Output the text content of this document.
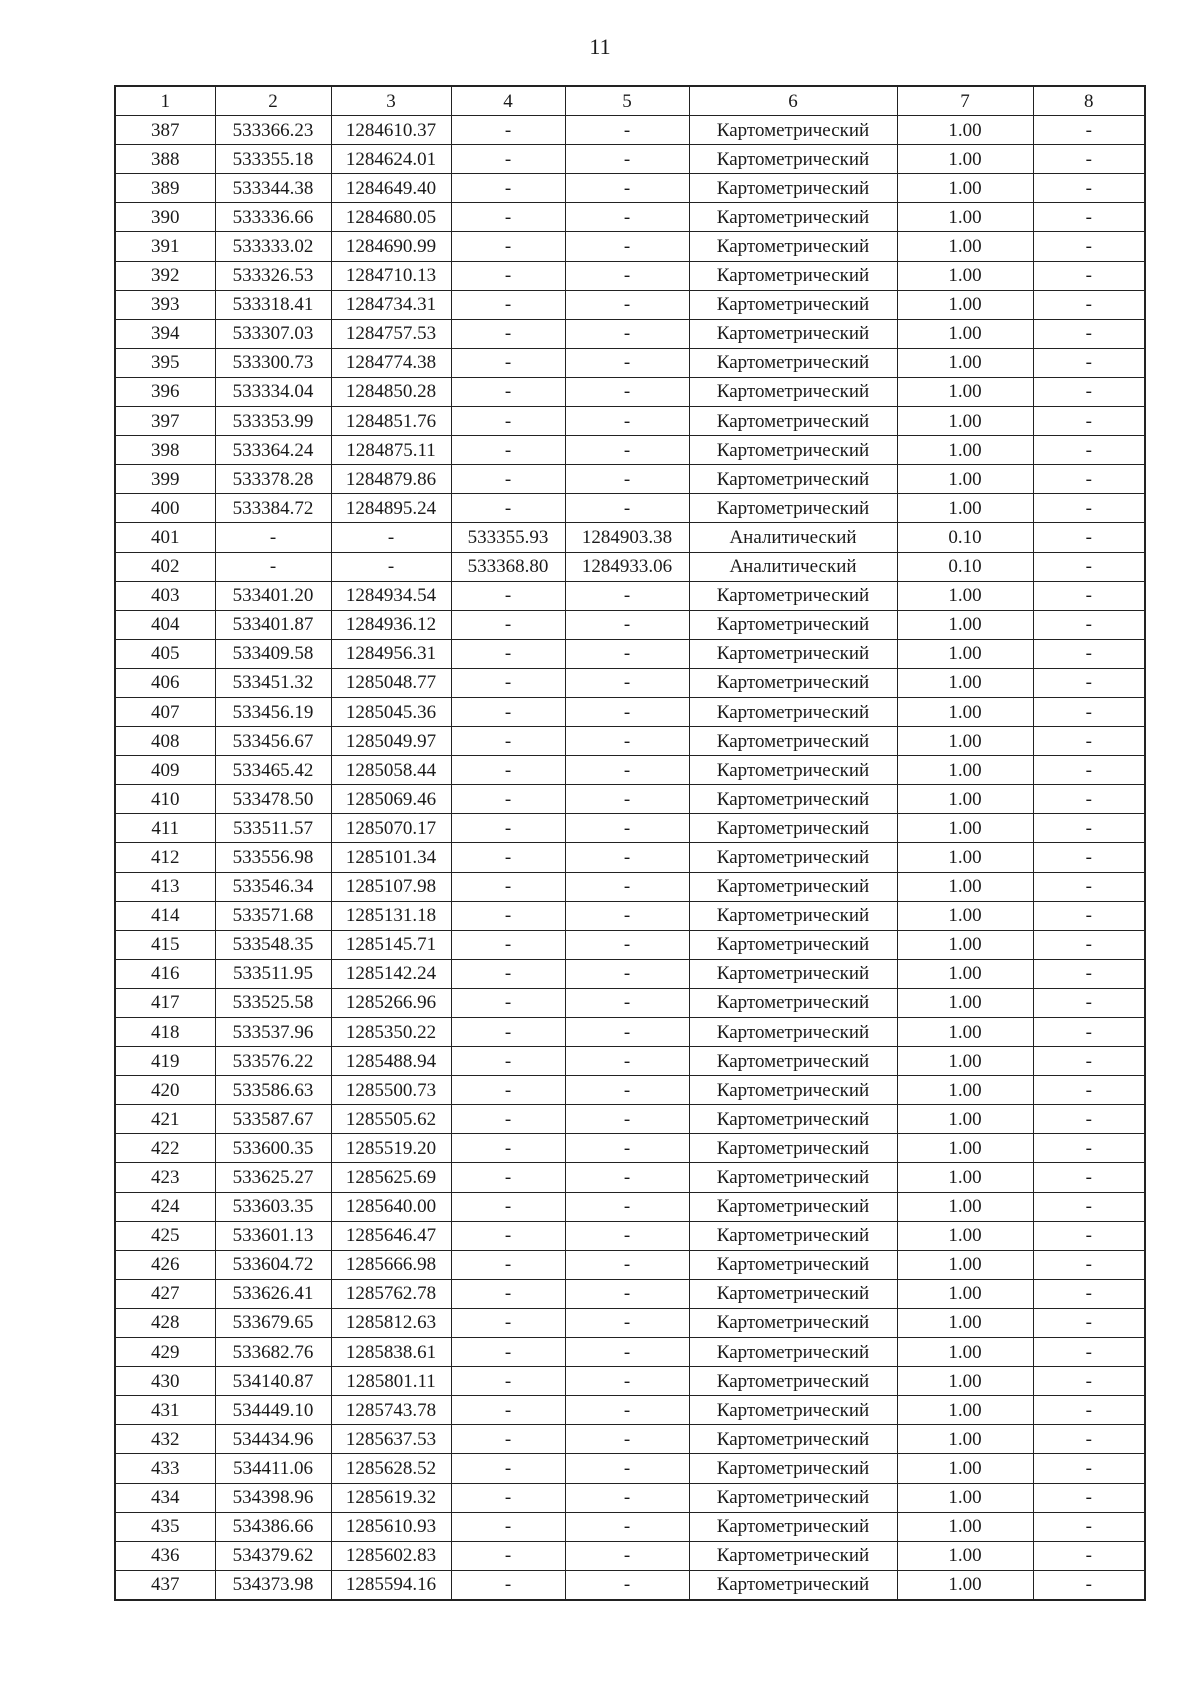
11
1	2	3	4	5	6	7	8
387	533366.23	1284610.37	-	-	Картометрический	1.00	-
388	533355.18	1284624.01	-	-	Картометрический	1.00	-
389	533344.38	1284649.40	-	-	Картометрический	1.00	-
390	533336.66	1284680.05	-	-	Картометрический	1.00	-
391	533333.02	1284690.99	-	-	Картометрический	1.00	-
392	533326.53	1284710.13	-	-	Картометрический	1.00	-
393	533318.41	1284734.31	-	-	Картометрический	1.00	-
394	533307.03	1284757.53	-	-	Картометрический	1.00	-
395	533300.73	1284774.38	-	-	Картометрический	1.00	-
396	533334.04	1284850.28	-	-	Картометрический	1.00	-
397	533353.99	1284851.76	-	-	Картометрический	1.00	-
398	533364.24	1284875.11	-	-	Картометрический	1.00	-
399	533378.28	1284879.86	-	-	Картометрический	1.00	-
400	533384.72	1284895.24	-	-	Картометрический	1.00	-
401	-	-	533355.93	1284903.38	Аналитический	0.10	-
402	-	-	533368.80	1284933.06	Аналитический	0.10	-
403	533401.20	1284934.54	-	-	Картометрический	1.00	-
404	533401.87	1284936.12	-	-	Картометрический	1.00	-
405	533409.58	1284956.31	-	-	Картометрический	1.00	-
406	533451.32	1285048.77	-	-	Картометрический	1.00	-
407	533456.19	1285045.36	-	-	Картометрический	1.00	-
408	533456.67	1285049.97	-	-	Картометрический	1.00	-
409	533465.42	1285058.44	-	-	Картометрический	1.00	-
410	533478.50	1285069.46	-	-	Картометрический	1.00	-
411	533511.57	1285070.17	-	-	Картометрический	1.00	-
412	533556.98	1285101.34	-	-	Картометрический	1.00	-
413	533546.34	1285107.98	-	-	Картометрический	1.00	-
414	533571.68	1285131.18	-	-	Картометрический	1.00	-
415	533548.35	1285145.71	-	-	Картометрический	1.00	-
416	533511.95	1285142.24	-	-	Картометрический	1.00	-
417	533525.58	1285266.96	-	-	Картометрический	1.00	-
418	533537.96	1285350.22	-	-	Картометрический	1.00	-
419	533576.22	1285488.94	-	-	Картометрический	1.00	-
420	533586.63	1285500.73	-	-	Картометрический	1.00	-
421	533587.67	1285505.62	-	-	Картометрический	1.00	-
422	533600.35	1285519.20	-	-	Картометрический	1.00	-
423	533625.27	1285625.69	-	-	Картометрический	1.00	-
424	533603.35	1285640.00	-	-	Картометрический	1.00	-
425	533601.13	1285646.47	-	-	Картометрический	1.00	-
426	533604.72	1285666.98	-	-	Картометрический	1.00	-
427	533626.41	1285762.78	-	-	Картометрический	1.00	-
428	533679.65	1285812.63	-	-	Картометрический	1.00	-
429	533682.76	1285838.61	-	-	Картометрический	1.00	-
430	534140.87	1285801.11	-	-	Картометрический	1.00	-
431	534449.10	1285743.78	-	-	Картометрический	1.00	-
432	534434.96	1285637.53	-	-	Картометрический	1.00	-
433	534411.06	1285628.52	-	-	Картометрический	1.00	-
434	534398.96	1285619.32	-	-	Картометрический	1.00	-
435	534386.66	1285610.93	-	-	Картометрический	1.00	-
436	534379.62	1285602.83	-	-	Картометрический	1.00	-
437	534373.98	1285594.16	-	-	Картометрический	1.00	-
